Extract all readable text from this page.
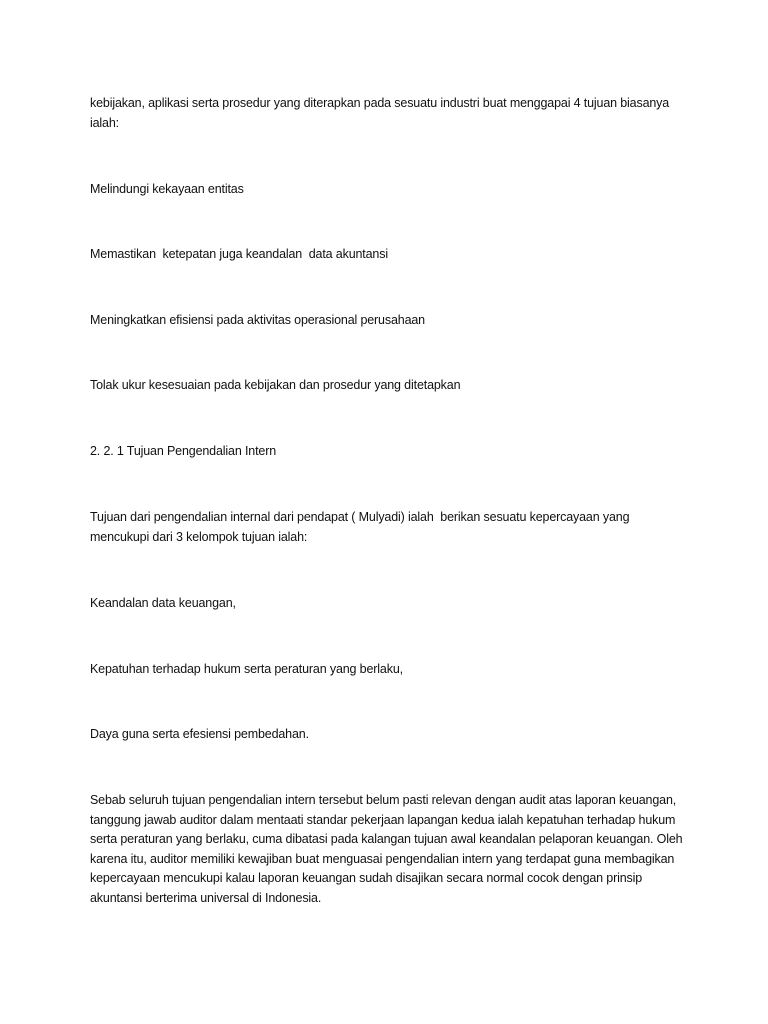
kebijakan, aplikasi serta prosedur yang diterapkan pada sesuatu industri buat menggapai 4 tujuan biasanya ialah:

Melindungi kekayaan entitas

Memastikan  ketepatan juga keandalan  data akuntansi

Meningkatkan efisiensi pada aktivitas operasional perusahaan

Tolak ukur kesesuaian pada kebijakan dan prosedur yang ditetapkan

2. 2. 1 Tujuan Pengendalian Intern

Tujuan dari pengendalian internal dari pendapat ( Mulyadi) ialah  berikan sesuatu kepercayaan yang mencukupi dari 3 kelompok tujuan ialah:

Keandalan data keuangan,

Kepatuhan terhadap hukum serta peraturan yang berlaku,

Daya guna serta efesiensi pembedahan.

Sebab seluruh tujuan pengendalian intern tersebut belum pasti relevan dengan audit atas laporan keuangan, tanggung jawab auditor dalam mentaati standar pekerjaan lapangan kedua ialah kepatuhan terhadap hukum serta peraturan yang berlaku, cuma dibatasi pada kalangan tujuan awal keandalan pelaporan keuangan. Oleh karena itu, auditor memiliki kewajiban buat menguasai pengendalian intern yang terdapat guna membagikan kepercayaan mencukupi kalau laporan keuangan sudah disajikan secara normal cocok dengan prinsip akuntansi berterima universal di Indonesia.
